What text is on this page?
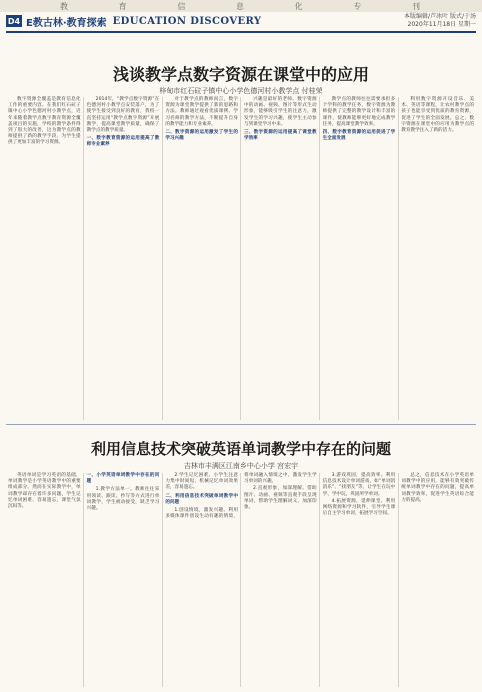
教	育	信	息	化	专	刊
D4 E教古林·教育探索 EDUCATION DISCOVERY	本版编辑/芦冰叶 版式/于汤
2020年11月18日 星期一
浅谈教学点数字资源在课堂中的应用
梓甸市红石砬子镇中心小学色德河村小教学点 付桂荣

数字资源全覆盖是教育信息化工作的重要内容。在我们红石砬子镇中心小学色德河村小教学点，近年来随着教学点数字教育资源全覆盖项目的实施，学校的教学条件得到了很大的改善，这为教学点的教师提供了新的教学手段，为学生提供了更加丰富的学习资源。

2014年，“教学点数字资源”在色德河村小教学点安装落户，为了使学生接受到良好的教育，我校一直坚持运用“教学点数字资源”开展教学，提高课堂教学质量，确保了教学点的教学质量。

一、数字教育资源的运用提高了教师专业素养

对于教学点的教师而言，数字资源为课堂教学提供了新的思路和方法。教师通过观看优质课例、学习名师的教学方法，不断提升自身的教学能力和专业素养。

二、数字资源的运用激发了学生的学习兴趣

兴趣是最好的老师。数字资源中的动画、视频、图片等形式生动形象，能够吸引学生的注意力，激发学生的学习兴趣，使学生主动参与到课堂学习中来。

三、数字资源的运用提高了课堂教学效率

教学点的教师往往需要承担多个学科的教学任务，数字资源为教师提供了完整的教学设计和丰富的课件，使教师能够更好地完成教学任务，提高课堂教学效率。

四、数字教育资源的运用促进了学生全面发展

利用数字资源开设音乐、美术、英语等课程，让农村教学点的孩子也能享受到优质的教育资源，促进了学生的全面发展。总之，数字资源在课堂中的应用为教学点的教育教学注入了新的活力。

利用信息技术突破英语单词教学中存在的问题
吉林市丰满区江南乡中心小学 宫宏宇

英语单词是学习英语的基础，单词教学是小学英语教学中的重要组成部分。然而在实际教学中，单词教学却存在着许多问题，学生记忆单词困难、容易遗忘，课堂气氛沉闷等。

一、小学英语单词教学中存在的问题

1.教学方法单一。教师往往采用领读、跟读、抄写等方式进行单词教学，学生被动接受，缺乏学习兴趣。

2.学生记忆困难。小学生注意力集中时间短，机械记忆单词效果差，容易遗忘。

二、利用信息技术突破单词教学中的问题

1.创设情境，激发兴趣。利用多媒体课件创设生动有趣的情境，将单词融入情境之中，激发学生学习单词的兴趣。

2.直观形象，加深理解。借助图片、动画、视频等直观手段呈现单词，帮助学生理解词义，加深印象。

3.游戏巩固，提高效率。利用信息技术设计单词游戏，如“单词消消乐”、“找朋友”等，让学生在玩中学、学中玩，巩固所学单词。

4.拓展资源，延伸课堂。利用网络资源和学习软件，引导学生课后自主学习单词，拓展学习空间。

总之，信息技术在小学英语单词教学中的应用，能够有效突破传统单词教学中存在的问题，提高单词教学效率，促进学生英语综合能力的提高。
